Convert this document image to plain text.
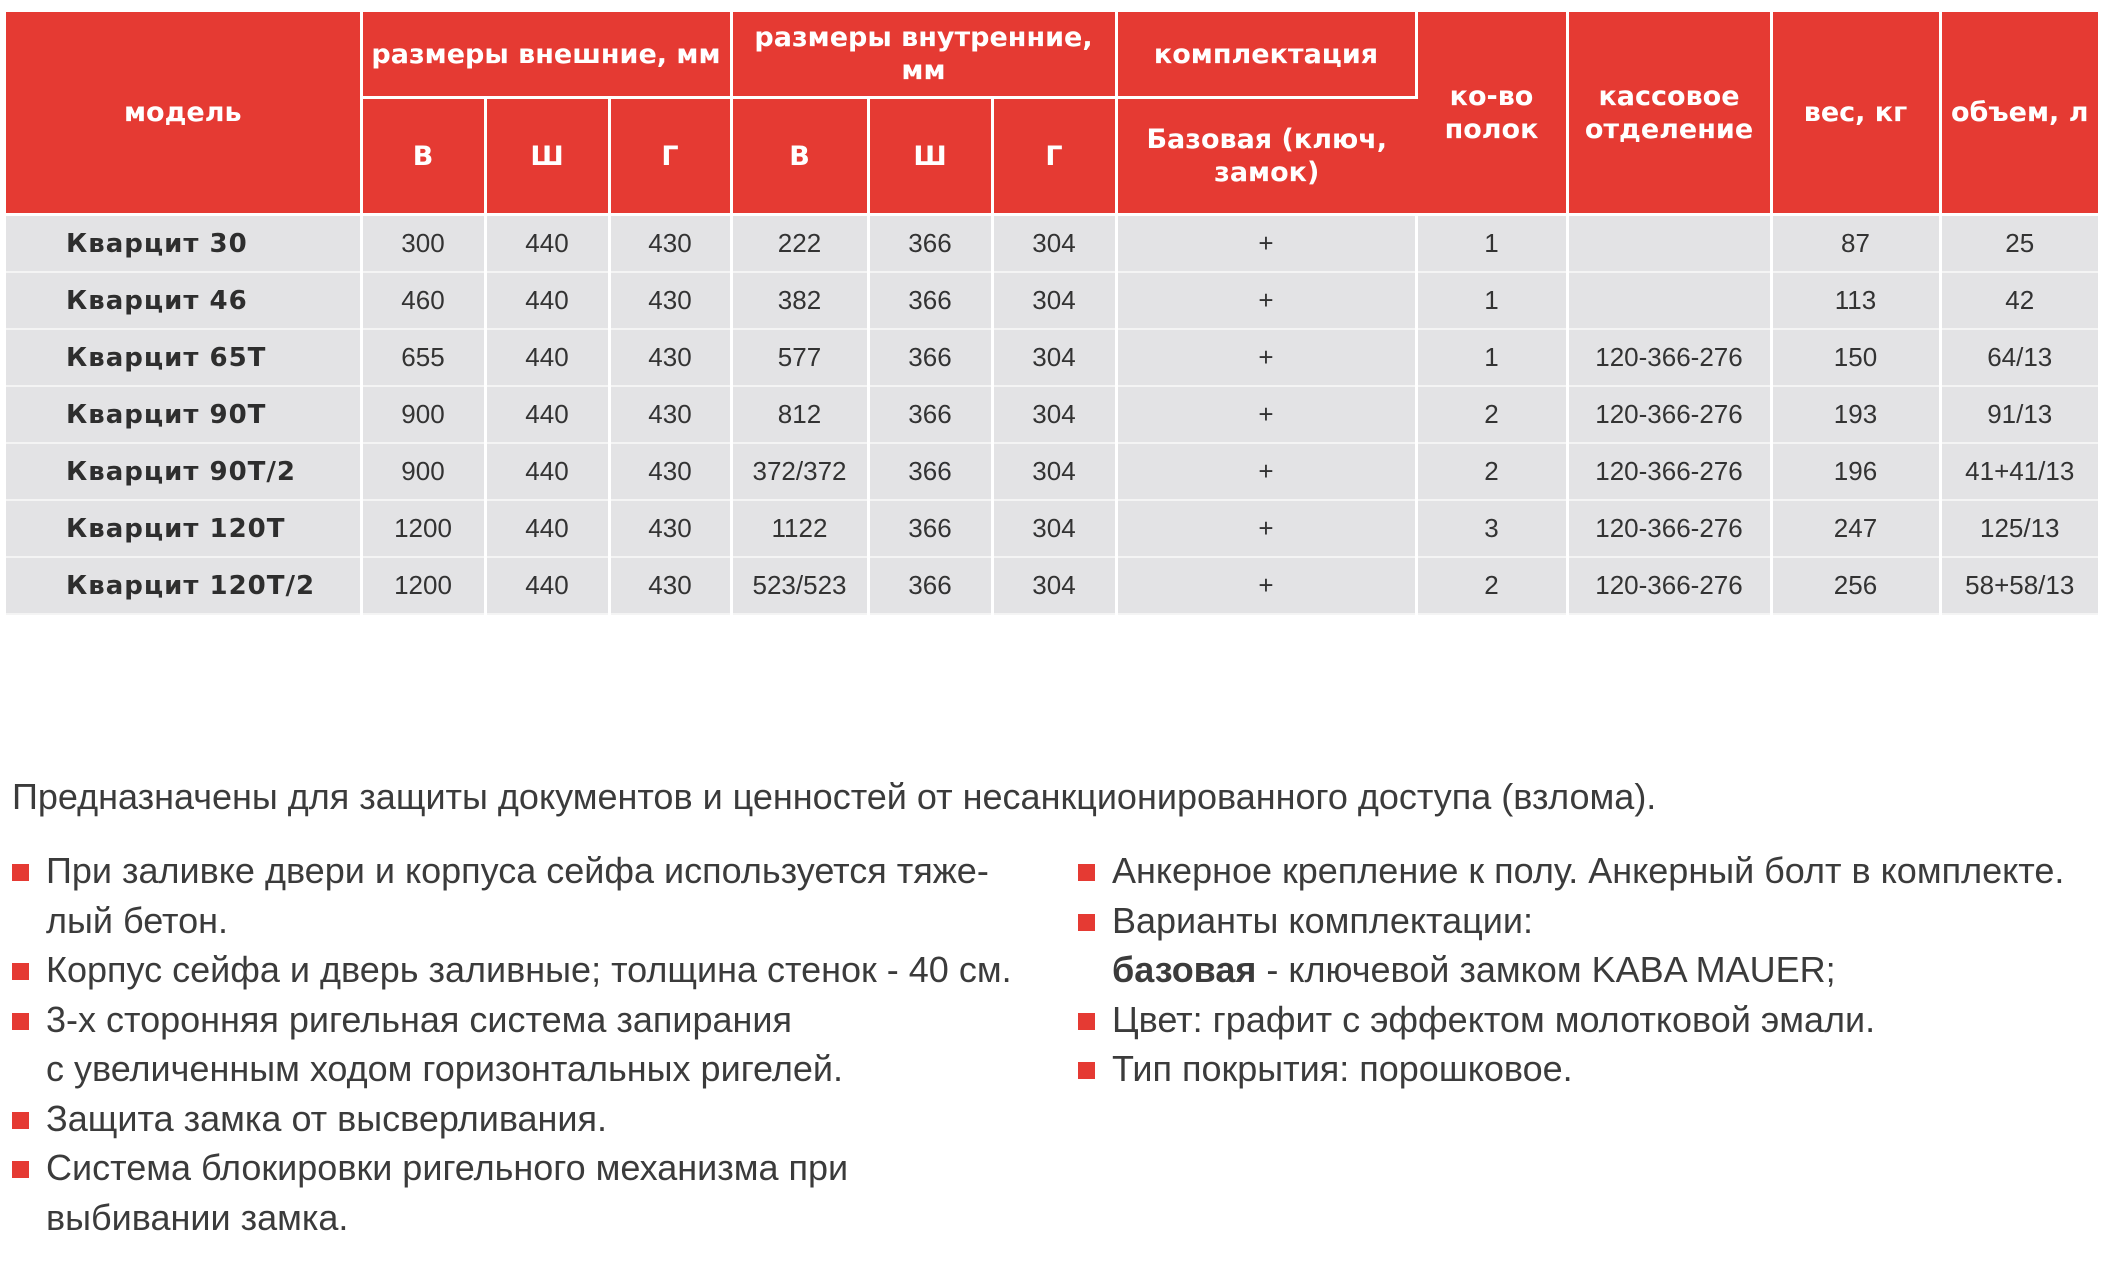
модель	размеры внешние, мм			размеры внутренние, мм			комплектация	ко-во полок	кассовое отделение	вес, кг	объем, л
	В	Ш	Г	В	Ш	Г	Базовая (ключ, замок)				
Кварцит 30	300	440	430	222	366	304	+	1		87	25
Кварцит 46	460	440	430	382	366	304	+	1		113	42
Кварцит 65Т	655	440	430	577	366	304	+	1	120-366-276	150	64/13
Кварцит 90Т	900	440	430	812	366	304	+	2	120-366-276	193	91/13
Кварцит 90Т/2	900	440	430	372/372	366	304	+	2	120-366-276	196	41+41/13
Кварцит 120Т	1200	440	430	1122	366	304	+	3	120-366-276	247	125/13
Кварцит 120Т/2	1200	440	430	523/523	366	304	+	2	120-366-276	256	58+58/13
Предназначены для защиты документов и ценностей от несанкционированного доступа (взлома).
При заливке двери и корпуса сейфа используется тяже-
лый бетон.
Корпус сейфа и дверь заливные; толщина стенок - 40 см.
3-х сторонняя ригельная система запирания
с увеличенным ходом горизонтальных ригелей.
Защита замка от высверливания.
Система блокировки ригельного механизма при
выбивании замка.
Анкерное крепление к полу. Анкерный болт в комплекте.
Варианты комплектации:
базовая - ключевой замком KABA MAUER;
Цвет: графит с эффектом молотковой эмали.
Тип покрытия: порошковое.
